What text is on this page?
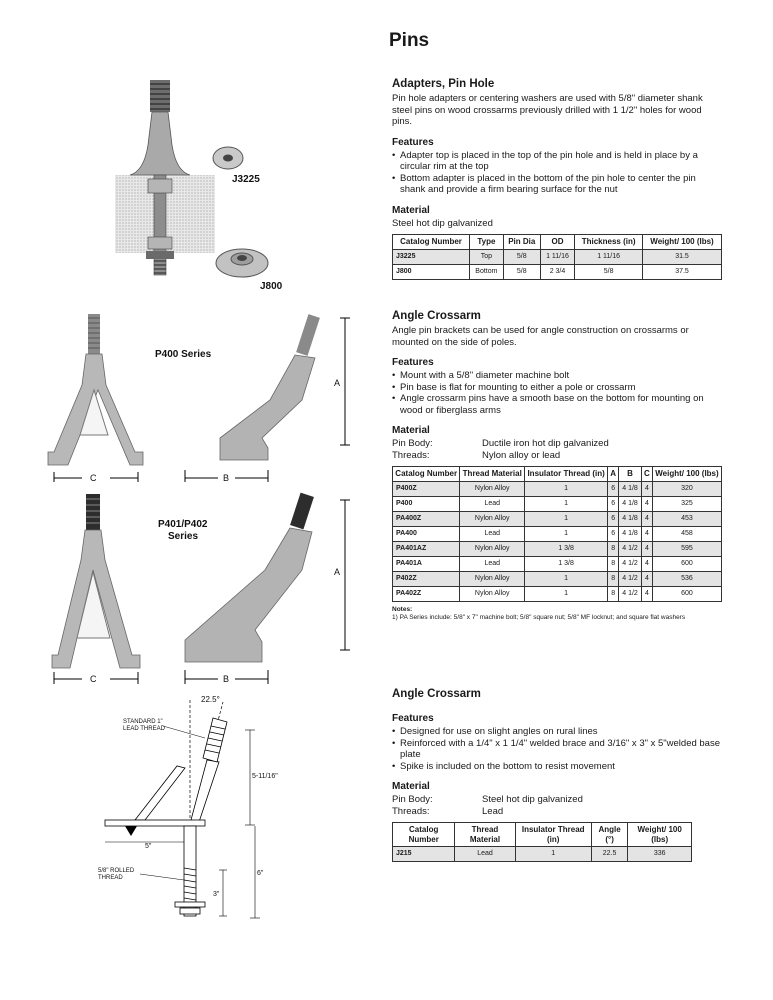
Pins
Adapters, Pin Hole

Pin hole adapters or centering washers are used with 5/8" diameter shank steel pins on wood crossarms previously drilled with 1 1/2" holes for wood pins.

Features
• Adapter top is placed in the top of the pin hole and is held in place by a circular rim at the top
• Bottom adapter is placed in the bottom of the pin hole to center the pin shank and provide a firm bearing surface for the nut
Material

Steel hot dip galvanized

Catalog Number	Type	Pin Dia	OD	Thickness (in)	Weight/ 100 (lbs)
J3225	Top	5/8	1 11/16	1 11/16	31.5
J800	Bottom	5/8	2 3/4	5/8	37.5
Angle Crossarm

Angle pin brackets can be used for angle construction on crossarms or mounted on the side of poles.

Features
• Mount with a 5/8" diameter machine bolt
• Pin base is flat for mounting to either a pole or crossarm
• Angle crossarm pins have a smooth base on the bottom for mounting on wood or fiberglass arms
Material
Pin Body:	Ductile iron hot dip galvanized
Threads:	Nylon alloy or lead
Catalog Number	Thread Material	Insulator Thread (in)	A	B	C	Weight/ 100 (lbs)
P400Z	Nylon Alloy	1	6	4 1/8	4	320
P400	Lead	1	6	4 1/8	4	325
PA400Z	Nylon Alloy	1	6	4 1/8	4	453
PA400	Lead	1	6	4 1/8	4	458
PA401AZ	Nylon Alloy	1 3/8	8	4 1/2	4	595
PA401A	Lead	1 3/8	8	4 1/2	4	600
P402Z	Nylon Alloy	1	8	4 1/2	4	536
PA402Z	Nylon Alloy	1	8	4 1/2	4	600
Notes:
1) PA Series include: 5/8" x 7" machine bolt; 5/8" square nut; 5/8" MF locknut; and square flat washers
Angle Crossarm
Features
• Designed for use on slight angles on rural lines
• Reinforced with a 1/4" x 1 1/4" welded brace and 3/16" x 3" x 5"welded base plate
• Spike is included on the bottom to resist movement
Material
Pin Body:	Steel hot dip galvanized
Threads:	Lead
Catalog Number	Thread Material	Insulator Thread (in)	Angle (°)	Weight/ 100 (lbs)
J215	Lead	1	22.5	336
J3225
J800
P400 Series
C
A
B
P401/P402
Series
C
A
B
22.5°
STANDARD 1"
LEAD THREAD
5-11/16"
5"
5/8" ROLLED
THREAD
6"
3"
